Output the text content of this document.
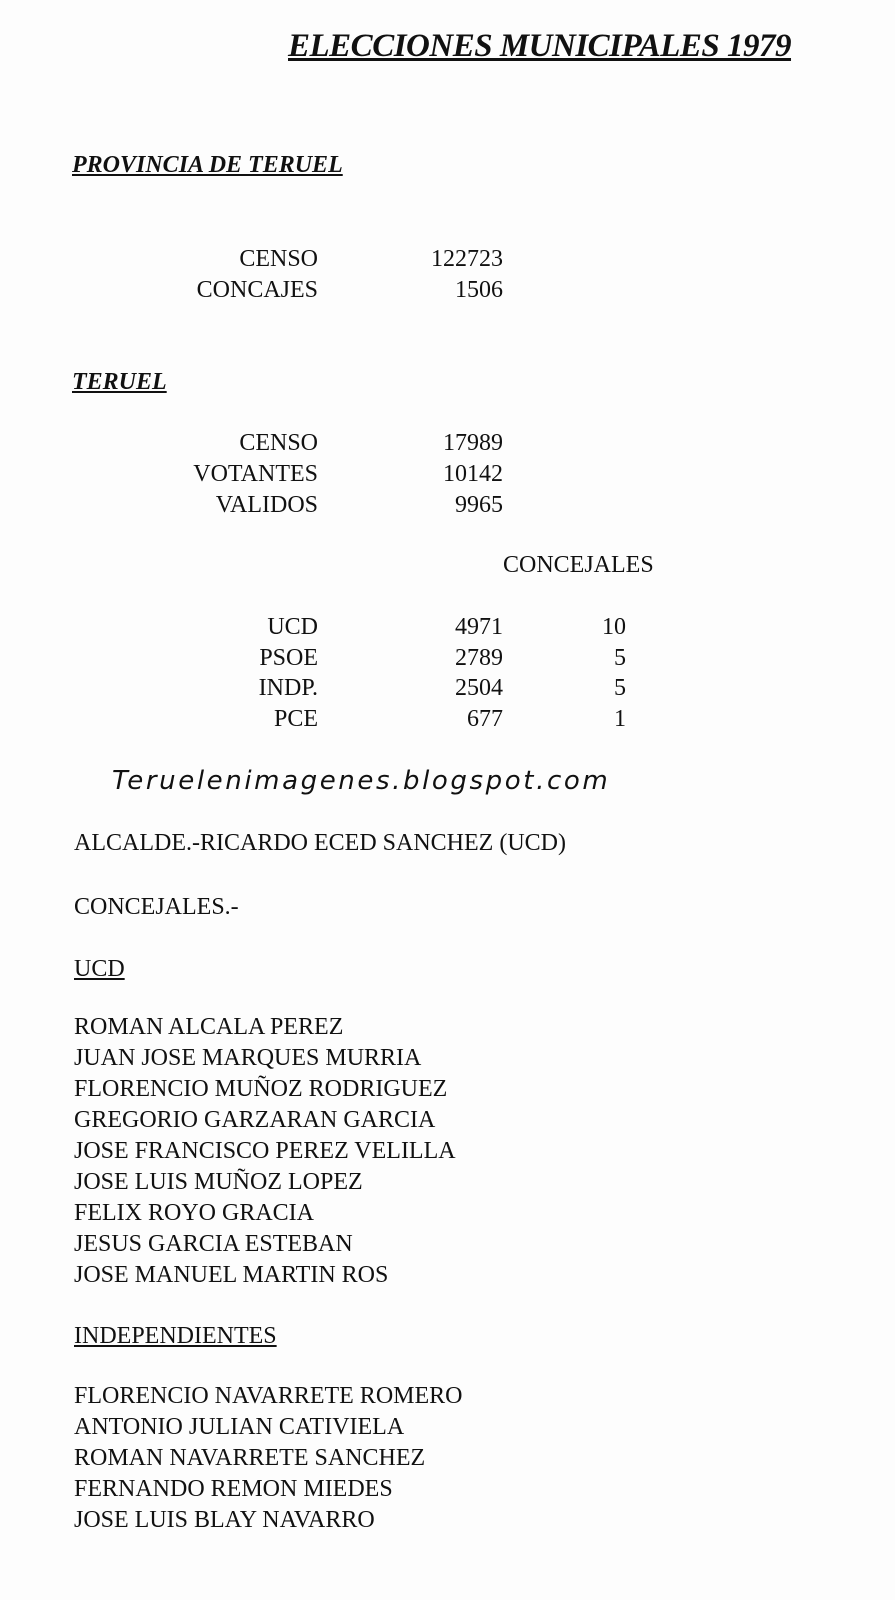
ELECCIONES MUNICIPALES 1979
PROVINCIA DE TERUEL
CENSO	122723
CONCAJES	1506
TERUEL
CENSO	17989
VOTANTES	10142
VALIDOS	9965
CONCEJALES
UCD	4971	10
PSOE	2789	5
INDP.	2504	5
PCE	677	1
Teruelenimagenes.blogspot.com
ALCALDE.-RICARDO ECED SANCHEZ (UCD)
CONCEJALES.-
UCD
ROMAN ALCALA PEREZ
JUAN JOSE MARQUES MURRIA
FLORENCIO MUÑOZ RODRIGUEZ
GREGORIO GARZARAN GARCIA
JOSE FRANCISCO PEREZ VELILLA
JOSE LUIS MUÑOZ LOPEZ
FELIX ROYO GRACIA
JESUS GARCIA ESTEBAN
JOSE MANUEL MARTIN ROS
INDEPENDIENTES
FLORENCIO NAVARRETE ROMERO
ANTONIO JULIAN CATIVIELA
ROMAN NAVARRETE SANCHEZ
FERNANDO REMON MIEDES
JOSE LUIS BLAY NAVARRO
